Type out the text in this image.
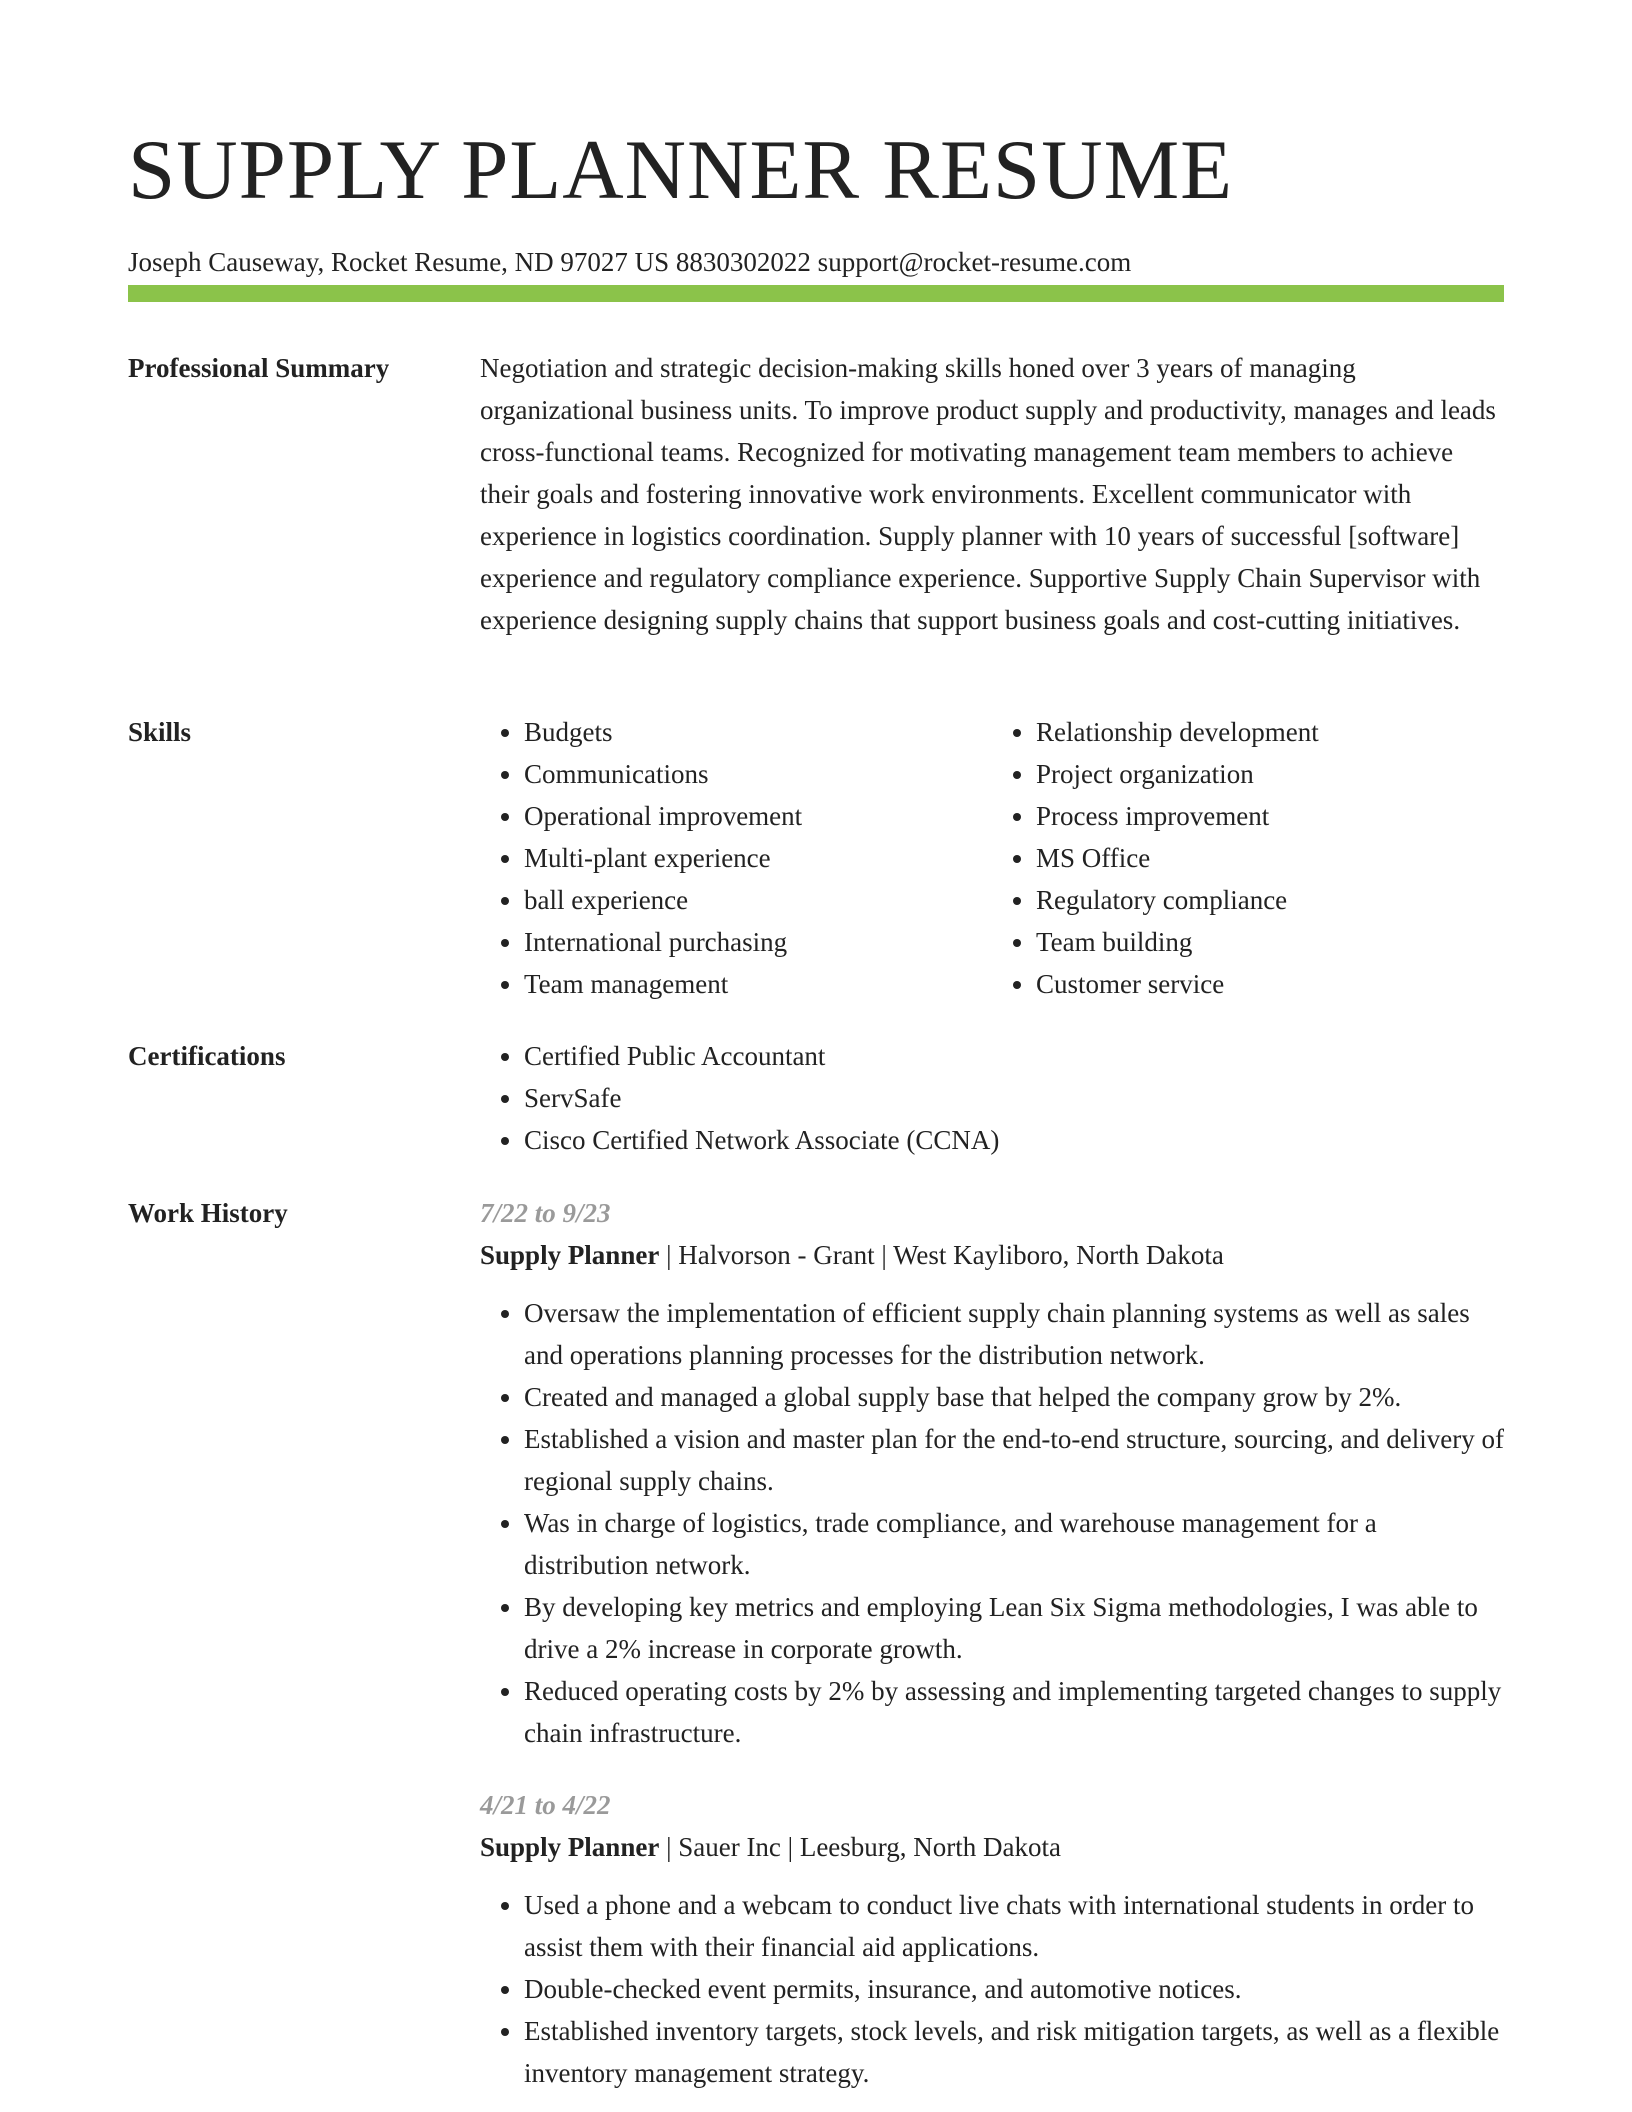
SUPPLY PLANNER RESUME
Joseph Causeway, Rocket Resume, ND 97027 US 8830302022 support@rocket-resume.com
Professional Summary	Negotiation and strategic decision-making skills honed over 3 years of managing organizational business units. To improve product supply and productivity, manages and leads cross-functional teams. Recognized for motivating management team members to achieve their goals and fostering innovative work environments. Excellent communicator with experience in logistics coordination. Supply planner with 10 years of successful [software] experience and regulatory compliance experience. Supportive Supply Chain Supervisor with experience designing supply chains that support business goals and cost-cutting initiatives.

Skills	• Budgets
• Communications
• Operational improvement
• Multi-plant experience
• ball experience
• International purchasing
• Team management
• Relationship development
• Project organization
• Process improvement
• MS Office
• Regulatory compliance
• Team building
• Customer service
Certifications	• Certified Public Accountant
• ServSafe
• Cisco Certified Network Associate (CCNA)
Work History	7/22 to 9/23
Supply Planner | Halvorson - Grant | West Kayliboro, North Dakota
• Oversaw the implementation of efficient supply chain planning systems as well as sales and operations planning processes for the distribution network.
• Created and managed a global supply base that helped the company grow by 2%.
• Established a vision and master plan for the end-to-end structure, sourcing, and delivery of regional supply chains.
• Was in charge of logistics, trade compliance, and warehouse management for a distribution network.
• By developing key metrics and employing Lean Six Sigma methodologies, I was able to drive a 2% increase in corporate growth.
• Reduced operating costs by 2% by assessing and implementing targeted changes to supply chain infrastructure.
4/21 to 4/22
Supply Planner | Sauer Inc | Leesburg, North Dakota
• Used a phone and a webcam to conduct live chats with international students in order to assist them with their financial aid applications.
• Double-checked event permits, insurance, and automotive notices.
• Established inventory targets, stock levels, and risk mitigation targets, as well as a flexible inventory management strategy.
